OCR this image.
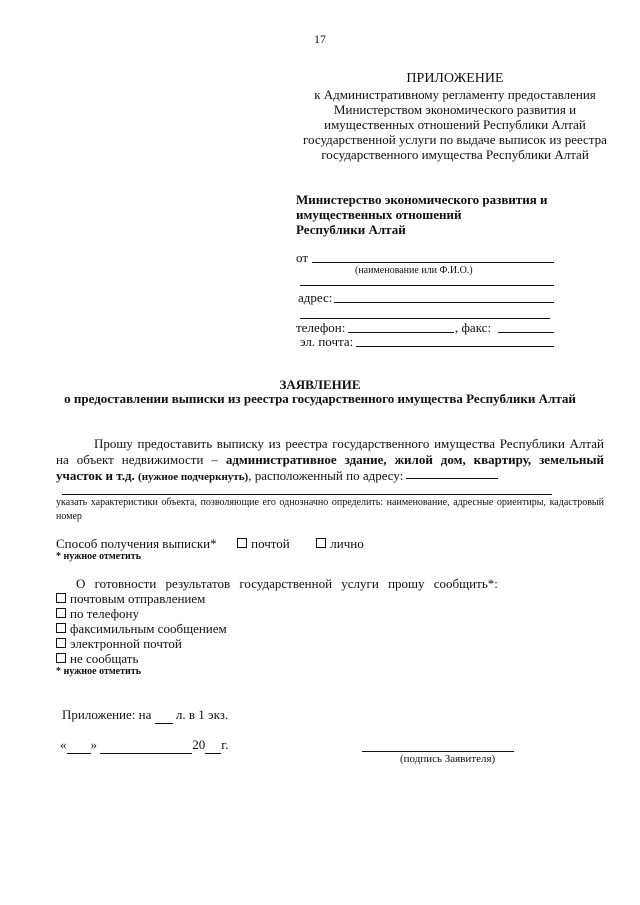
17
ПРИЛОЖЕНИЕ
к Административному регламенту предоставления
Министерством экономического развития и
имущественных отношений Республики Алтай
государственной услуги по выдаче выписок из реестра
государственного имущества Республики Алтай
Министерство экономического развития и
имущественных отношений
Республики Алтай
от
(наименование или Ф.И.О.)
адрес:
телефон:	, факс:
эл. почта:
ЗАЯВЛЕНИЕ
о предоставлении выписки из реестра государственного имущества Республики Алтай
Прошу предоставить выписку из реестра государственного имущества Республики Алтай на объект недвижимости – административное здание, жилой дом, квартиру, земельный участок и т.д. (нужное подчеркнуть), расположенный по адресу:
указать характеристики объекта, позволяющие его однозначно определить: наименование, адресные ориентиры, кадастровый номер
Способ получения выписки*	почтой	лично
* нужное отметить
О готовности результатов государственной услуги прошу сообщить*:
почтовым отправлением
по телефону
факсимильным сообщением
электронной почтой
не сообщать
* нужное отметить
Приложение: на л. в 1 экз.
« »	20 г.
(подпись Заявителя)
